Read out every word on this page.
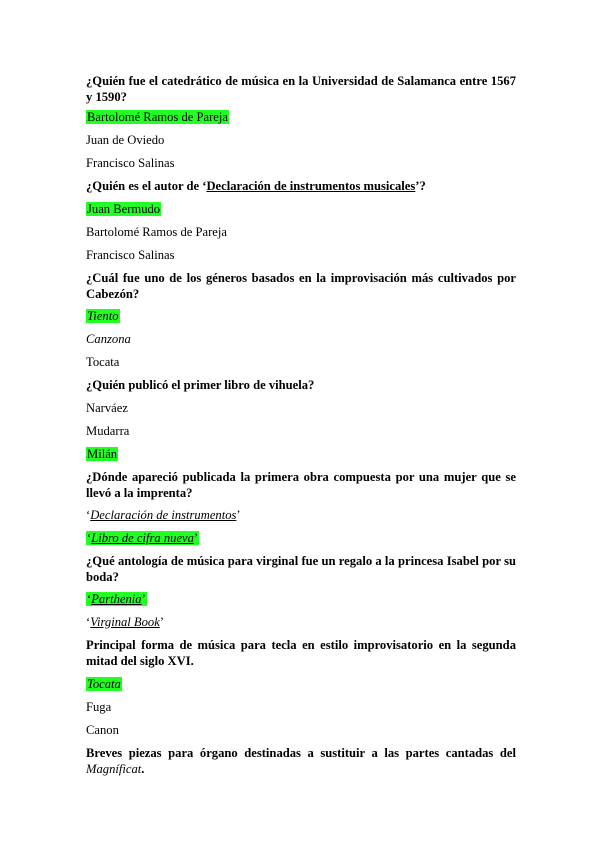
¿Quién fue el catedrático de música en la Universidad de Salamanca entre 1567 y 1590?
Bartolomé Ramos de Pareja
Juan de Oviedo
Francisco Salinas
¿Quién es el autor de ‘Declaración de instrumentos musicales’?
Juan Bermudo
Bartolomé Ramos de Pareja
Francisco Salinas
¿Cuál fue uno de los géneros basados en la improvisación más cultivados por Cabezón?
Tiento
Canzona
Tocata
¿Quién publicó el primer libro de vihuela?
Narváez
Mudarra
Milán
¿Dónde apareció publicada la primera obra compuesta por una mujer que se llevó a la imprenta?
‘Declaración de instrumentos’
‘Libro de cifra nueva’
¿Qué antología de música para virginal fue un regalo a la princesa Isabel por su boda?
‘Parthenia’
‘Virginal Book’
Principal forma de música para tecla en estilo improvisatorio en la segunda mitad del siglo XVI.
Tocata
Fuga
Canon
Breves piezas para órgano destinadas a sustituir a las partes cantadas del Magníficat.
